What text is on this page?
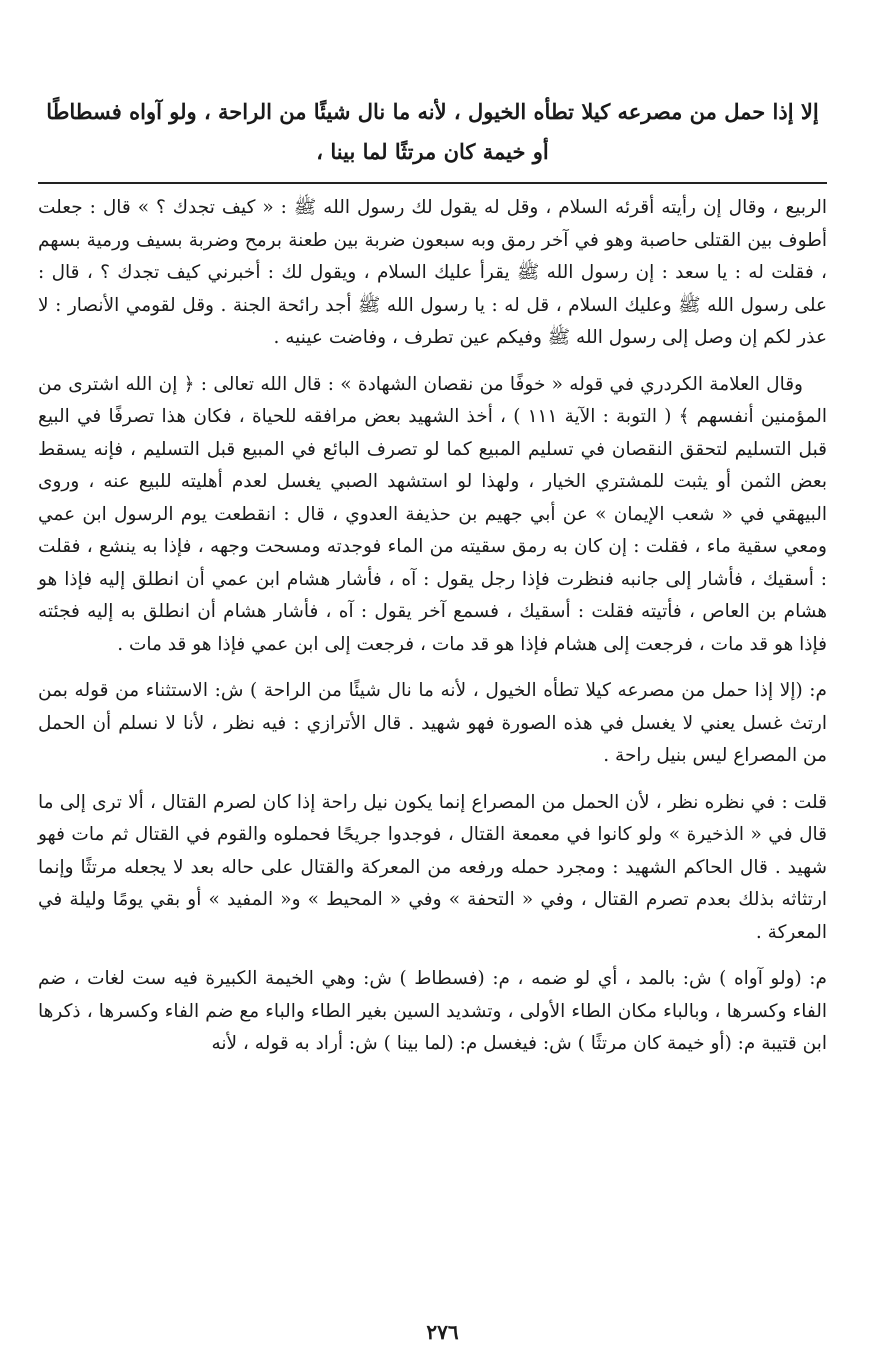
إلا إذا حمل من مصرعه كيلا تطأه الخيول ، لأنه ما نال شيئًا من الراحة ، ولو آواه فسطاطًا أو خيمة كان مرتثًا لما بينا ،

الربيع ، وقال إن رأيته أقرئه السلام ، وقل له يقول لك رسول الله ﷺ : « كيف تجدك ؟ » قال : جعلت أطوف بين القتلى حاصبة وهو في آخر رمق وبه سبعون ضربة بين طعنة برمح وضربة بسيف ورمية بسهم ، فقلت له : يا سعد : إن رسول الله ﷺ يقرأ عليك السلام ، ويقول لك : أخبرني كيف تجدك ؟ ، قال : على رسول الله ﷺ وعليك السلام ، قل له : يا رسول الله ﷺ أجد رائحة الجنة . وقل لقومي الأنصار : لا عذر لكم إن وصل إلى رسول الله ﷺ وفيكم عين تطرف ، وفاضت عينيه .

وقال العلامة الكردري في قوله « خوفًا من نقصان الشهادة » : قال الله تعالى : ﴿ إن الله اشترى من المؤمنين أنفسهم ﴾ ( التوبة : الآية ١١١ ) ، أخذ الشهيد بعض مرافقه للحياة ، فكان هذا تصرفًا في البيع قبل التسليم لتحقق النقصان في تسليم المبيع كما لو تصرف البائع في المبيع قبل التسليم ، فإنه يسقط بعض الثمن أو يثبت للمشتري الخيار ، ولهذا لو استشهد الصبي يغسل لعدم أهليته للبيع عنه ، وروى البيهقي في « شعب الإيمان » عن أبي جهيم بن حذيفة العدوي ، قال : انقطعت يوم الرسول ابن عمي ومعي سقية ماء ، فقلت : إن كان به رمق سقيته من الماء فوجدته ومسحت وجهه ، فإذا به ينشع ، فقلت : أسقيك ، فأشار إلى جانبه فنظرت فإذا رجل يقول : آه ، فأشار هشام ابن عمي أن انطلق إليه فإذا هو هشام بن العاص ، فأتيته فقلت : أسقيك ، فسمع آخر يقول : آه ، فأشار هشام أن انطلق به إليه فجئته فإذا هو قد مات ، فرجعت إلى هشام فإذا هو قد مات ، فرجعت إلى ابن عمي فإذا هو قد مات .

م: (إلا إذا حمل من مصرعه كيلا تطأه الخيول ، لأنه ما نال شيئًا من الراحة ) ش: الاستثناء من قوله بمن ارتث غسل يعني لا يغسل في هذه الصورة فهو شهيد . قال الأترازي : فيه نظر ، لأنا لا نسلم أن الحمل من المصراع ليس بنيل راحة .

قلت : في نظره نظر ، لأن الحمل من المصراع إنما يكون نيل راحة إذا كان لصرم القتال ، ألا ترى إلى ما قال في « الذخيرة » ولو كانوا في معمعة القتال ، فوجدوا جريحًا فحملوه والقوم في القتال ثم مات فهو شهيد . قال الحاكم الشهيد : ومجرد حمله ورفعه من المعركة والقتال على حاله بعد لا يجعله مرتثًا وإنما ارتثاثه بذلك بعدم تصرم القتال ، وفي « التحفة » وفي « المحيط » و« المفيد » أو بقي يومًا وليلة في المعركة .

م: (ولو آواه ) ش: بالمد ، أي لو ضمه ، م: (فسطاط ) ش: وهي الخيمة الكبيرة فيه ست لغات ، ضم الفاء وكسرها ، وبالباء مكان الطاء الأولى ، وتشديد السين بغير الطاء والباء مع ضم الفاء وكسرها ، ذكرها ابن قتيبة م: (أو خيمة كان مرتثًا ) ش: فيغسل م: (لما بينا ) ش: أراد به قوله ، لأنه

٢٧٦
